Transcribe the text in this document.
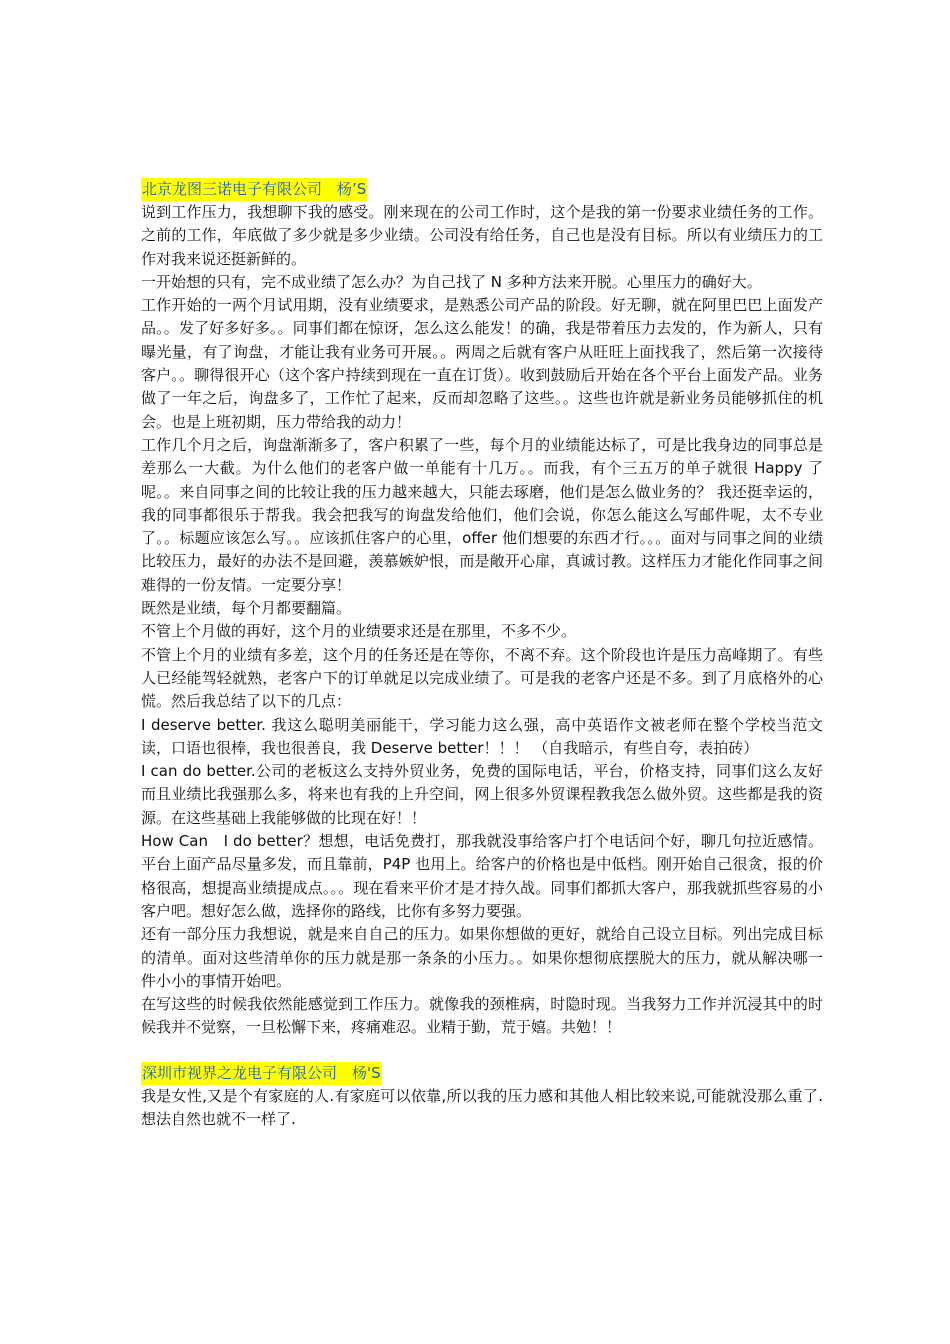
北京龙图三诺电子有限公司　杨’S

说到工作压力，我想聊下我的感受。刚来现在的公司工作时，这个是我的第一份要求业绩任务的工作。之前的工作，年底做了多少就是多少业绩。公司没有给任务，自己也是没有目标。所以有业绩压力的工作对我来说还挺新鲜的。

一开始想的只有，完不成业绩了怎么办？为自己找了 N 多种方法来开脱。心里压力的确好大。

工作开始的一两个月试用期，没有业绩要求，是熟悉公司产品的阶段。好无聊，就在阿里巴巴上面发产品。。发了好多好多。。同事们都在惊讶，怎么这么能发！的确，我是带着压力去发的，作为新人，只有曝光量，有了询盘，才能让我有业务可开展。。两周之后就有客户从旺旺上面找我了，然后第一次接待客户。。聊得很开心（这个客户持续到现在一直在订货）。收到鼓励后开始在各个平台上面发产品。业务做了一年之后，询盘多了，工作忙了起来，反而却忽略了这些。。这些也许就是新业务员能够抓住的机会。也是上班初期，压力带给我的动力！

工作几个月之后，询盘渐渐多了，客户积累了一些，每个月的业绩能达标了，可是比我身边的同事总是差那么一大截。为什么他们的老客户做一单能有十几万。。而我，有个三五万的单子就很 Happy 了呢。。来自同事之间的比较让我的压力越来越大，只能去琢磨，他们是怎么做业务的？ 我还挺幸运的，我的同事都很乐于帮我。我会把我写的询盘发给他们，他们会说，你怎么能这么写邮件呢，太不专业了。。标题应该怎么写。。应该抓住客户的心里，offer 他们想要的东西才行。。。面对与同事之间的业绩比较压力，最好的办法不是回避，羡慕嫉妒恨，而是敞开心扉，真诚讨教。这样压力才能化作同事之间难得的一份友情。一定要分享！

既然是业绩，每个月都要翻篇。

不管上个月做的再好，这个月的业绩要求还是在那里，不多不少。

不管上个月的业绩有多差，这个月的任务还是在等你，不离不弃。这个阶段也许是压力高峰期了。有些人已经能驾轻就熟，老客户下的订单就足以完成业绩了。可是我的老客户还是不多。到了月底格外的心慌。然后我总结了以下的几点：

I deserve better. 我这么聪明美丽能干，学习能力这么强，高中英语作文被老师在整个学校当范文读，口语也很棒，我也很善良，我 Deserve better！！！ （自我暗示，有些自夸，表拍砖）

I can do better.公司的老板这么支持外贸业务，免费的国际电话，平台，价格支持，同事们这么友好而且业绩比我强那么多，将来也有我的上升空间，网上很多外贸课程教我怎么做外贸。这些都是我的资源。在这些基础上我能够做的比现在好！！

How Can　I do better？想想，电话免费打，那我就没事给客户打个电话问个好，聊几句拉近感情。平台上面产品尽量多发，而且靠前，P4P 也用上。给客户的价格也是中低档。刚开始自己很贪，报的价格很高，想提高业绩提成点。。。现在看来平价才是才持久战。同事们都抓大客户，那我就抓些容易的小客户吧。想好怎么做，选择你的路线，比你有多努力要强。

还有一部分压力我想说，就是来自自己的压力。如果你想做的更好，就给自己设立目标。列出完成目标的清单。面对这些清单你的压力就是那一条条的小压力。。如果你想彻底摆脱大的压力，就从解决哪一件小小的事情开始吧。

在写这些的时候我依然能感觉到工作压力。就像我的颈椎病，时隐时现。当我努力工作并沉浸其中的时候我并不觉察，一旦松懈下来，疼痛难忍。业精于勤，荒于嬉。共勉！！

深圳市视界之龙电子有限公司　杨'S

我是女性,又是个有家庭的人.有家庭可以依靠,所以我的压力感和其他人相比较来说,可能就没那么重了.想法自然也就不一样了.
